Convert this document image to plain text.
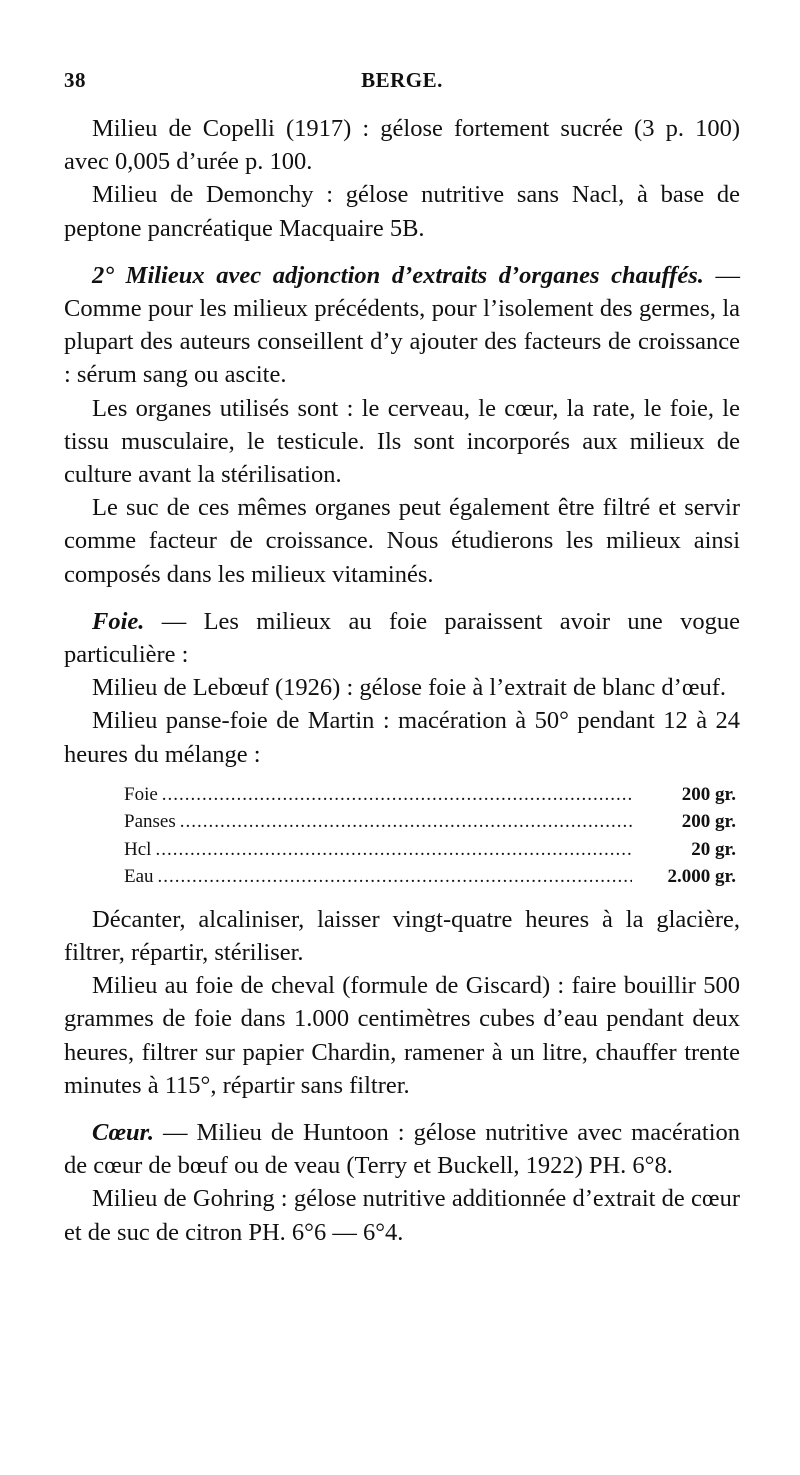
38	BERGE.

Milieu de Copelli (1917) : gélose fortement sucrée (3 p. 100) avec 0,005 d’urée p. 100.

Milieu de Demonchy : gélose nutritive sans Nacl, à base de peptone pancréatique Macquaire 5B.

2° Milieux avec adjonction d’extraits d’organes chauffés. — Comme pour les milieux précédents, pour l’isolement des germes, la plupart des auteurs conseillent d’y ajouter des facteurs de croissance : sérum sang ou ascite.

Les organes utilisés sont : le cerveau, le cœur, la rate, le foie, le tissu musculaire, le testicule. Ils sont incorporés aux milieux de culture avant la stérilisation.

Le suc de ces mêmes organes peut également être filtré et servir comme facteur de croissance. Nous étudierons les milieux ainsi composés dans les milieux vitaminés.

Foie. — Les milieux au foie paraissent avoir une vogue particulière :

Milieu de Lebœuf (1926) : gélose foie à l’extrait de blanc d’œuf.

Milieu panse-foie de Martin : macération à 50° pendant 12 à 24 heures du mélange :

Foie .....	200 gr.
Panses .....	200 gr.
Hcl .....	20 gr.
Eau .....	2.000 gr.

Décanter, alcaliniser, laisser vingt-quatre heures à la glacière, filtrer, répartir, stériliser.

Milieu au foie de cheval (formule de Giscard) : faire bouillir 500 grammes de foie dans 1.000 centimètres cubes d’eau pendant deux heures, filtrer sur papier Chardin, ramener à un litre, chauffer trente minutes à 115°, répartir sans filtrer.

Cœur. — Milieu de Huntoon : gélose nutritive avec macération de cœur de bœuf ou de veau (Terry et Buckell, 1922) PH. 6°8.

Milieu de Gohring : gélose nutritive additionnée d’extrait de cœur et de suc de citron PH. 6°6 — 6°4.
